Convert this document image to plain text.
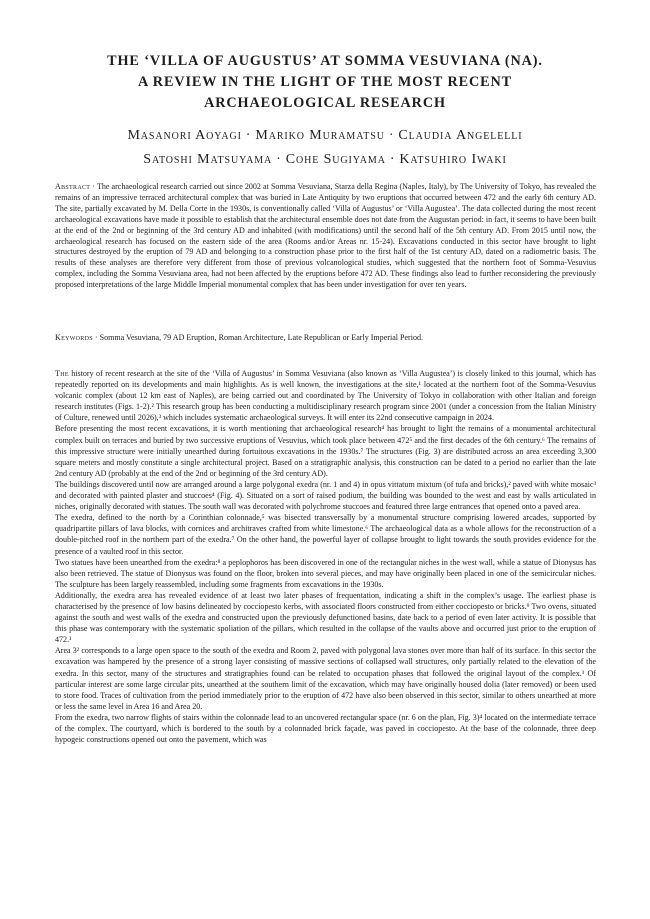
THE ‘VILLA OF AUGUSTUS’ AT SOMMA VESUVIANA (NA).
A REVIEW IN THE LIGHT OF THE MOST RECENT
ARCHAEOLOGICAL RESEARCH
Masanori Aoyagi · Mariko Muramatsu · Claudia Angelelli
Satoshi Matsuyama · Cohe Sugiyama · Katsuhiro Iwaki
Abstract · The archaeological research carried out since 2002 at Somma Vesuviana, Starza della Regina (Naples, Italy), by The University of Tokyo, has revealed the remains of an impressive terraced architectural complex that was buried in Late Antiquity by two eruptions that occurred between 472 and the early 6th century AD. The site, partially excavated by M. Della Corte in the 1930s, is conventionally called ‘Villa of Augustus’ or ‘Villa Augustea’. The data collected during the most recent archaeological excavations have made it possible to establish that the architectural ensemble does not date from the Augustan period: in fact, it seems to have been built at the end of the 2nd or beginning of the 3rd century AD and inhabited (with modifications) until the second half of the 5th century AD. From 2015 until now, the archaeological research has focused on the eastern side of the area (Rooms and/or Areas nr. 15-24). Excavations conducted in this sector have brought to light structures destroyed by the eruption of 79 AD and belonging to a construction phase prior to the first half of the 1st century AD, dated on a radiometric basis. The results of these analyses are therefore very different from those of previous volcanological studies, which suggested that the northern foot of Somma-Vesuvius complex, including the Somma Vesuviana area, had not been affected by the eruptions before 472 AD. These findings also lead to further reconsidering the previously proposed interpretations of the large Middle Imperial monumental complex that has been under investigation for over ten years.
Keywords · Somma Vesuviana, 79 AD Eruption, Roman Architecture, Late Republican or Early Imperial Period.

The history of recent research at the site of the ‘Villa of Augustus’ in Somma Vesuviana (also known as ‘Villa Augustea’) is closely linked to this journal, which has repeatedly reported on its developments and main highlights. As is well known, the investigations at the site,¹ located at the northern foot of the Somma-Vesuvius volcanic complex (about 12 km east of Naples), are being carried out and coordinated by The University of Tokyo in collaboration with other Italian and foreign research institutes (Figs. 1-2).² This research group has been conducting a multidisciplinary research program since 2001 (under a concession from the Italian Ministry of Culture, renewed until 2026),³ which includes systematic archaeological surveys. It will enter its 22nd consecutive campaign in 2024.

Before presenting the most recent excavations, it is worth mentioning that archaeological research⁴ has brought to light the remains of a monumental architectural complex built on terraces and buried by two successive eruptions of Vesuvius, which took place between 472⁵ and the first decades of the 6th century.⁶ The remains of this impressive structure were initially unearthed during fortuitous excavations in the 1930s.⁷ The structures (Fig. 3) are distributed across an area exceeding 3,300 square meters and mostly constitute a single architectural project. Based on a stratigraphic analysis, this construction can be dated to a period no earlier than the late 2nd century AD (probably at the end of the 2nd or beginning of the 3rd century AD).

The buildings discovered until now are arranged around a large polygonal exedra (nr. 1 and 4) in opus vittatum mixtum (of tufa and bricks),² paved with white mosaic³ and decorated with painted plaster and stuccoes⁴ (Fig. 4). Situated on a sort of raised podium, the building was bounded to the west and east by walls articulated in niches, originally decorated with statues. The south wall was decorated with polychrome stuccoes and featured three large entrances that opened onto a paved area.

The exedra, defined to the north by a Corinthian colonnade,⁵ was bisected transversally by a monumental structure comprising lowered arcades, supported by quadripartite pillars of lava blocks, with cornices and architraves crafted from white limestone.⁶ The archaeological data as a whole allows for the reconstruction of a double-pitched roof in the northern part of the exedra.⁷ On the other hand, the powerful layer of collapse brought to light towards the south provides evidence for the presence of a vaulted roof in this sector.

Two statues have been unearthed from the exedra:⁸ a peplophoros has been discovered in one of the rectangular niches in the west wall, while a statue of Dionysus has also been retrieved. The statue of Dionysus was found on the floor, broken into several pieces, and may have originally been placed in one of the semicircular niches. The sculpture has been largely reassembled, including some fragments from excavations in the 1930s.

Additionally, the exedra area has revealed evidence of at least two later phases of frequentation, indicating a shift in the complex’s usage. The earliest phase is characterised by the presence of low basins delineated by cocciopesto kerbs, with associated floors constructed from either cocciopesto or bricks.⁹ Two ovens, situated against the south and west walls of the exedra and constructed upon the previously defunctioned basins, date back to a period of even later activity. It is possible that this phase was contemporary with the systematic spoliation of the pillars, which resulted in the collapse of the vaults above and occurred just prior to the eruption of 472.¹

Area 3² corresponds to a large open space to the south of the exedra and Room 2, paved with polygonal lava stones over more than half of its surface. In this sector the excavation was hampered by the presence of a strong layer consisting of massive sections of collapsed wall structures, only partially related to the elevation of the exedra. In this sector, many of the structures and stratigraphies found can be related to occupation phases that followed the original layout of the complex.³ Of particular interest are some large circular pits, unearthed at the southern limit of the excavation, which may have originally housed dolia (later removed) or been used to store food. Traces of cultivation from the period immediately prior to the eruption of 472 have also been observed in this sector, similar to others unearthed at more or less the same level in Area 16 and Area 20.

From the exedra, two narrow flights of stairs within the colonnade lead to an uncovered rectangular space (nr. 6 on the plan, Fig. 3)⁴ located on the intermediate terrace of the complex. The courtyard, which is bordered to the south by a colonnaded brick façade, was paved in cocciopesto. At the base of the colonnade, three deep hypogeic constructions opened out onto the pavement, which was
